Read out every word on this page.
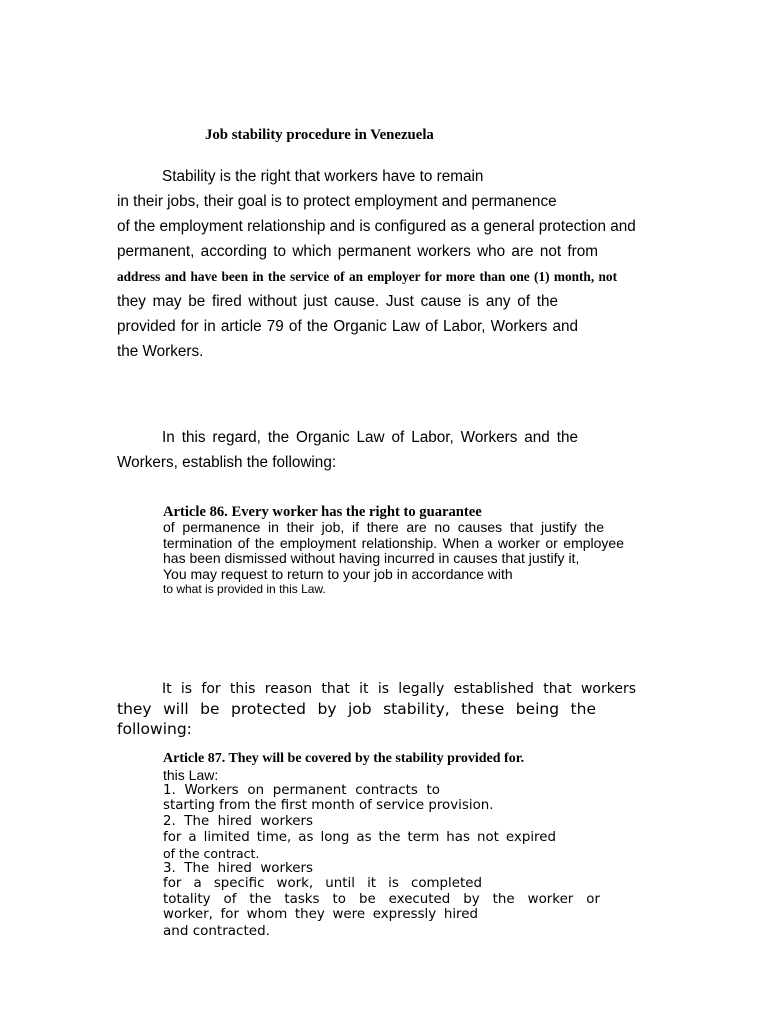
Job stability procedure in Venezuela
Stability is the right that workers have to remain
in their jobs, their goal is to protect employment and permanence
of the employment relationship and is configured as a general protection and
permanent, according to which permanent workers who are not from
address and have been in the service of an employer for more than one (1) month, not
they may be fired without just cause. Just cause is any of the
provided for in article 79 of the Organic Law of Labor, Workers and
the Workers.
In this regard, the Organic Law of Labor, Workers and the
Workers, establish the following:
Article 86. Every worker has the right to guarantee
of permanence in their job, if there are no causes that justify the
termination of the employment relationship. When a worker or employee
has been dismissed without having incurred in causes that justify it,
You may request to return to your job in accordance with
to what is provided in this Law.
It is for this reason that it is legally established that workers
they will be protected by job stability, these being the
following:
Article 87. They will be covered by the stability provided for.
this Law:
1. Workers on permanent contracts to
starting from the first month of service provision.
2. The hired workers
for a limited time, as long as the term has not expired
of the contract.
3. The hired workers
for a specific work, until it is completed
totality of the tasks to be executed by the worker or
worker, for whom they were expressly hired
and contracted.
